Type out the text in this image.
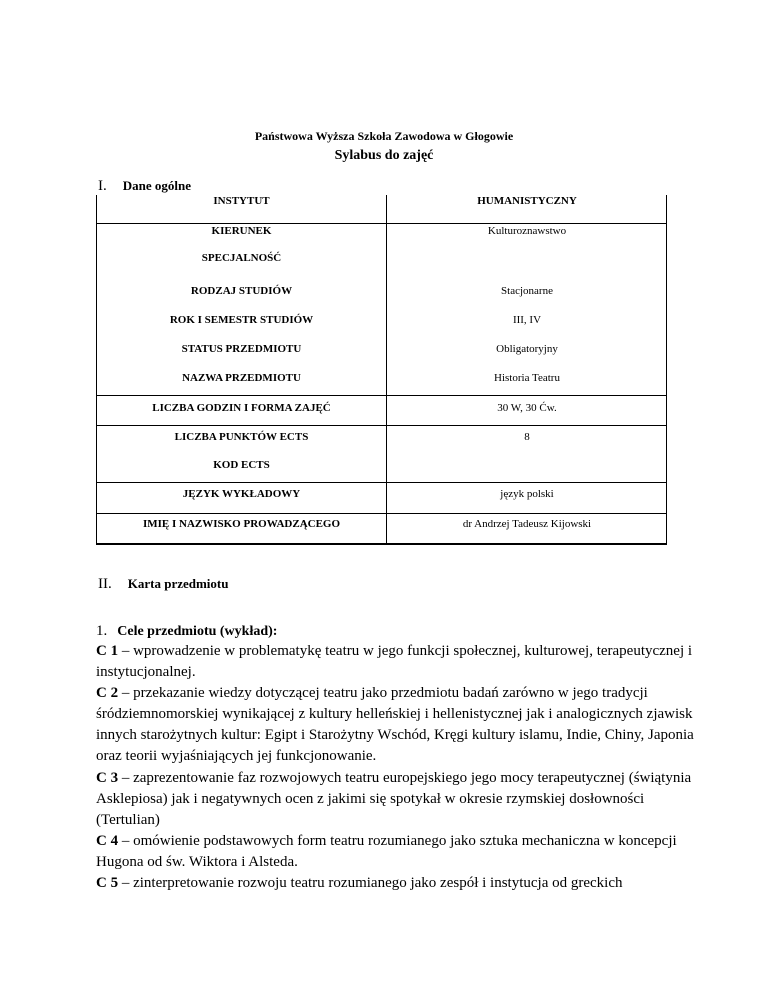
Państwowa Wyższa Szkoła Zawodowa w Głogowie
Sylabus do zajęć
I. Dane ogólne
INSTYTUT	HUMANISTYCZNY
KIERUNEK	Kulturoznawstwo
SPECJALNOŚĆ
RODZAJ STUDIÓW	Stacjonarne
ROK I SEMESTR STUDIÓW	III, IV
STATUS PRZEDMIOTU	Obligatoryjny
NAZWA PRZEDMIOTU	Historia Teatru
LICZBA GODZIN I FORMA ZAJĘĆ	30 W, 30 Ćw.
LICZBA PUNKTÓW ECTS	8
KOD ECTS
JĘZYK WYKŁADOWY	język polski
IMIĘ I NAZWISKO PROWADZĄCEGO	dr Andrzej Tadeusz Kijowski
II. Karta przedmiotu
1. Cele przedmiotu (wykład):

C 1 – wprowadzenie w problematykę teatru w jego funkcji społecznej, kulturowej, terapeutycznej i instytucjonalnej.

C 2 – przekazanie wiedzy dotyczącej teatru jako przedmiotu badań zarówno w jego tradycji śródziemnomorskiej wynikającej z kultury helleńskiej i hellenistycznej jak i analogicznych zjawisk innych starożytnych kultur: Egipt i Starożytny Wschód, Kręgi kultury islamu, Indie, Chiny, Japonia oraz teorii wyjaśniających jej funkcjonowanie.

C 3 – zaprezentowanie faz rozwojowych teatru europejskiego jego mocy terapeutycznej (świątynia Asklepiosa) jak i negatywnych ocen z jakimi się spotykał w okresie rzymskiej dosłowności (Tertulian)

C 4 – omówienie podstawowych form teatru rozumianego jako sztuka mechaniczna w koncepcji Hugona od św. Wiktora i Alsteda.

C 5 – zinterpretowanie rozwoju teatru rozumianego jako zespół i instytucja od greckich
